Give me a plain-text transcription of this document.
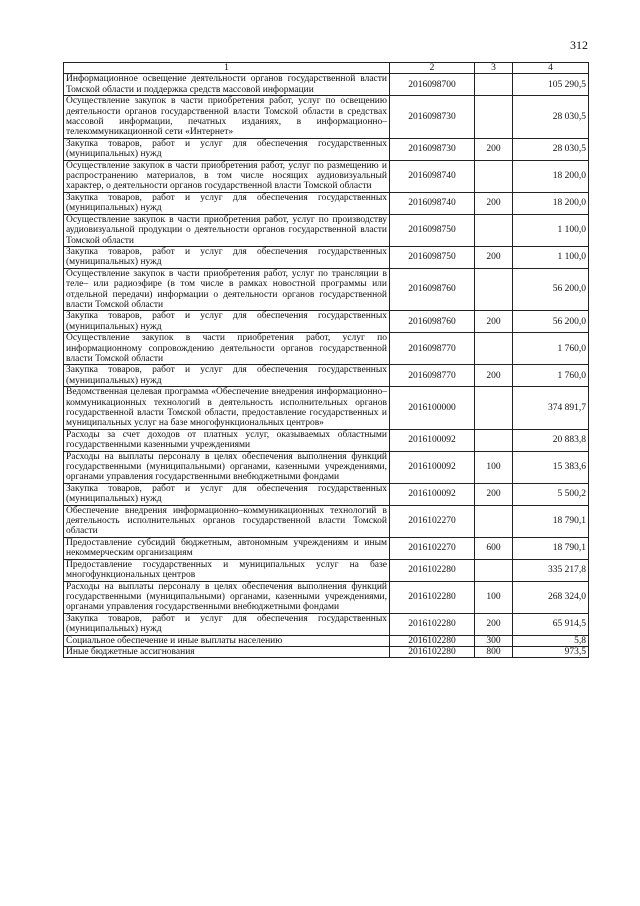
312
1	2	3	4
Информационное освещение деятельности органов государственной власти Томской области и поддержка средств массовой информации	2016098700		105 290,5
Осуществление закупок в части приобретения работ, услуг по освещению деятельности органов государственной власти Томской области в средствах массовой информации, печатных изданиях, в информационно–телекоммуникационной сети «Интернет»	2016098730		28 030,5
Закупка товаров, работ и услуг для обеспечения государственных (муниципальных) нужд	2016098730	200	28 030,5
Осуществление закупок в части приобретения работ, услуг по размещению и распространению материалов, в том числе носящих аудиовизуальный характер, о деятельности органов государственной власти Томской области	2016098740		18 200,0
Закупка товаров, работ и услуг для обеспечения государственных (муниципальных) нужд	2016098740	200	18 200,0
Осуществление закупок в части приобретения работ, услуг по производству аудиовизуальной продукции о деятельности органов государственной власти Томской области	2016098750		1 100,0
Закупка товаров, работ и услуг для обеспечения государственных (муниципальных) нужд	2016098750	200	1 100,0
Осуществление закупок в части приобретения работ, услуг по трансляции в теле– или радиоэфире (в том числе в рамках новостной программы или отдельной передачи) информации о деятельности органов государственной власти Томской области	2016098760		56 200,0
Закупка товаров, работ и услуг для обеспечения государственных (муниципальных) нужд	2016098760	200	56 200,0
Осуществление закупок в части приобретения работ, услуг по информационному сопровождению деятельности органов государственной власти Томской области	2016098770		1 760,0
Закупка товаров, работ и услуг для обеспечения государственных (муниципальных) нужд	2016098770	200	1 760,0
Ведомственная целевая программа «Обеспечение внедрения информационно–коммуникационных технологий в деятельность исполнительных органов государственной власти Томской области, предоставление государственных и муниципальных услуг на базе многофункциональных центров»	2016100000		374 891,7
Расходы за счет доходов от платных услуг, оказываемых областными государственными казенными учреждениями	2016100092		20 883,8
Расходы на выплаты персоналу в целях обеспечения выполнения функций государственными (муниципальными) органами, казенными учреждениями, органами управления государственными внебюджетными фондами	2016100092	100	15 383,6
Закупка товаров, работ и услуг для обеспечения государственных (муниципальных) нужд	2016100092	200	5 500,2
Обеспечение внедрения информационно–коммуникационных технологий в деятельность исполнительных органов государственной власти Томской области	2016102270		18 790,1
Предоставление субсидий бюджетным, автономным учреждениям и иным некоммерческим организациям	2016102270	600	18 790,1
Предоставление государственных и муниципальных услуг на базе многофункциональных центров	2016102280		335 217,8
Расходы на выплаты персоналу в целях обеспечения выполнения функций государственными (муниципальными) органами, казенными учреждениями, органами управления государственными внебюджетными фондами	2016102280	100	268 324,0
Закупка товаров, работ и услуг для обеспечения государственных (муниципальных) нужд	2016102280	200	65 914,5
Социальное обеспечение и иные выплаты населению	2016102280	300	5,8
Иные бюджетные ассигнования	2016102280	800	973,5
